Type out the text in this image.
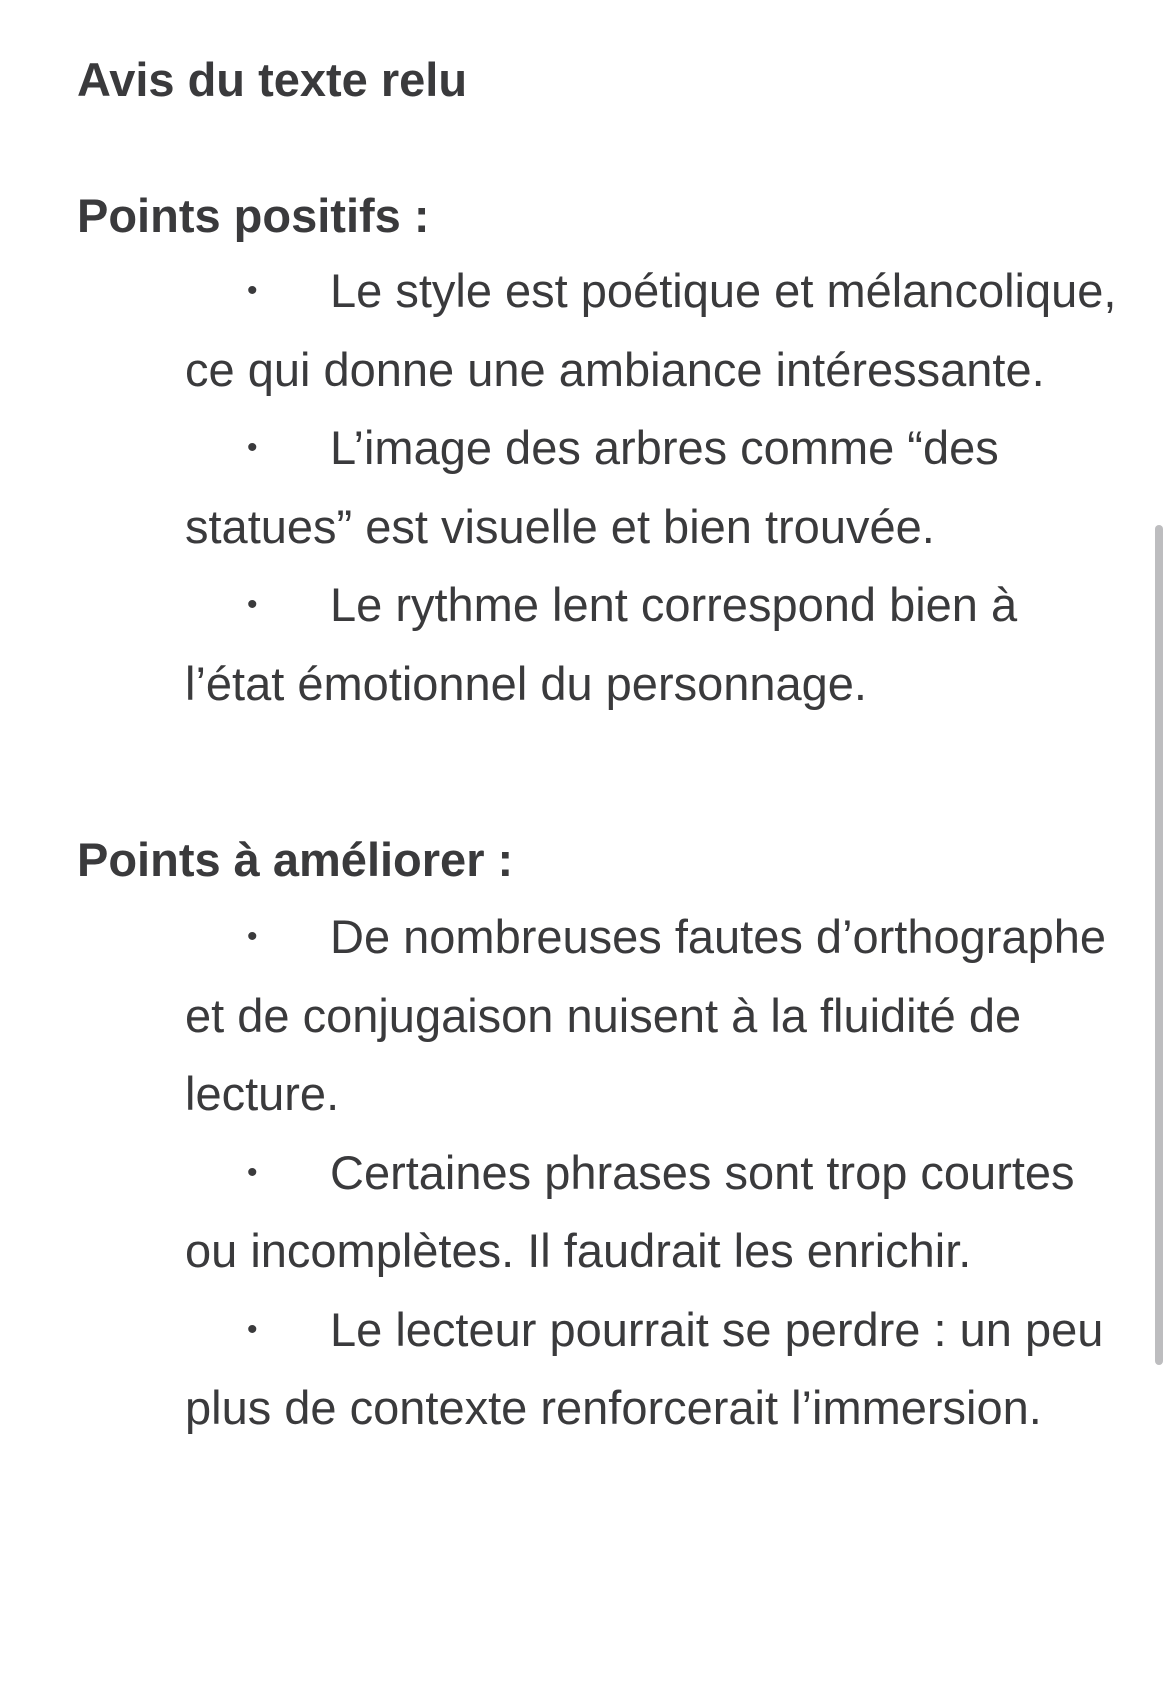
Avis du texte relu
Points positifs :
• Le style est poétique et mélancolique, ce qui donne une ambiance intéressante.
• L’image des arbres comme “des statues” est visuelle et bien trouvée.
• Le rythme lent correspond bien à l’état émotionnel du personnage.
Points à améliorer :
• De nombreuses fautes d’orthographe et de conjugaison nuisent à la fluidité de lecture.
• Certaines phrases sont trop courtes ou incomplètes. Il faudrait les enrichir.
• Le lecteur pourrait se perdre : un peu plus de contexte renforcerait l’immersion.
